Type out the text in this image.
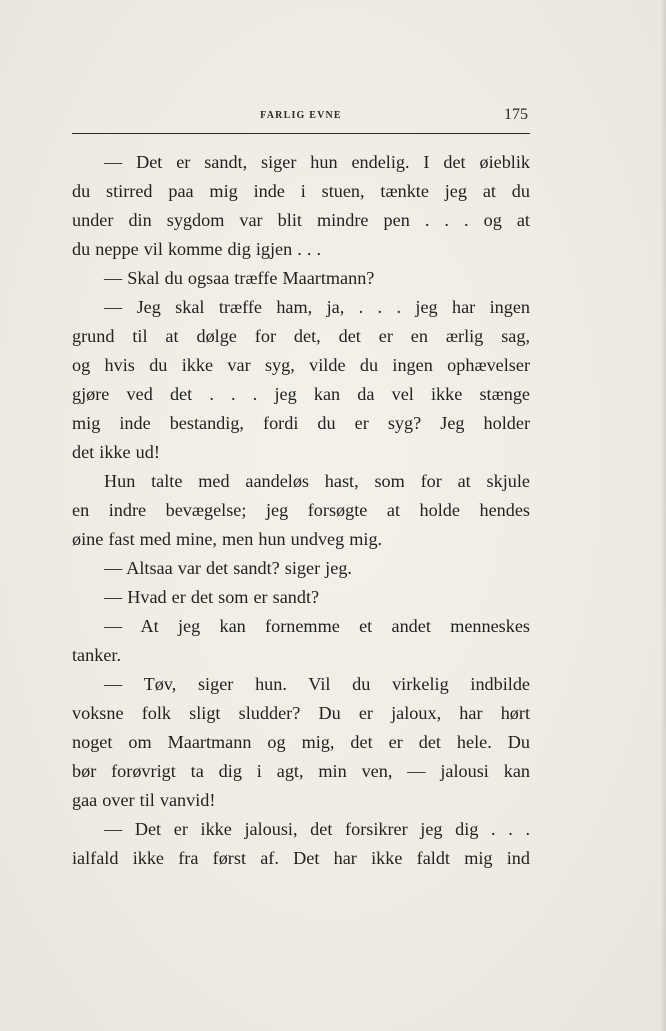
FARLIG EVNE	175
— Det er sandt, siger hun endelig. I det øieblik
du stirred paa mig inde i stuen, tænkte jeg at du
under din sygdom var blit mindre pen . . . og at
du neppe vil komme dig igjen . . .
— Skal du ogsaa træffe Maartmann?
— Jeg skal træffe ham, ja, . . . jeg har ingen
grund til at dølge for det, det er en ærlig sag,
og hvis du ikke var syg, vilde du ingen ophævelser
gjøre ved det . . . jeg kan da vel ikke stænge
mig inde bestandig, fordi du er syg? Jeg holder
det ikke ud!
Hun talte med aandeløs hast, som for at skjule
en indre bevægelse; jeg forsøgte at holde hendes
øine fast med mine, men hun undveg mig.
— Altsaa var det sandt? siger jeg.
— Hvad er det som er sandt?
— At jeg kan fornemme et andet menneskes
tanker.
— Tøv, siger hun. Vil du virkelig indbilde
voksne folk sligt sludder? Du er jaloux, har hørt
noget om Maartmann og mig, det er det hele. Du
bør forøvrigt ta dig i agt, min ven, — jalousi kan
gaa over til vanvid!
— Det er ikke jalousi, det forsikrer jeg dig . . .
ialfald ikke fra først af. Det har ikke faldt mig ind
